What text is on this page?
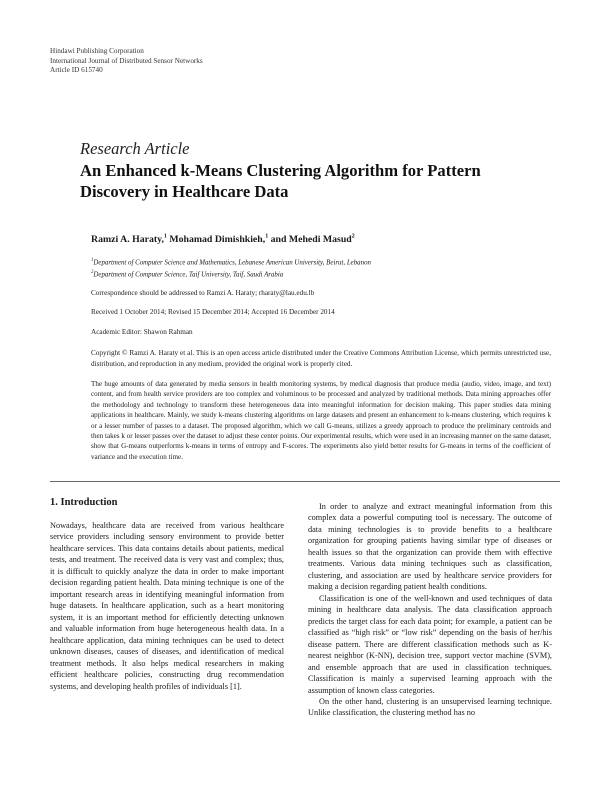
Hindawi Publishing Corporation
International Journal of Distributed Sensor Networks
Article ID 615740
Research Article
An Enhanced k-Means Clustering Algorithm for Pattern
Discovery in Healthcare Data
Ramzi A. Haraty,$^1$ Mohamad Dimishkieh,$^1$ and Mehedi Masud$^2$
$^1$Department of Computer Science and Mathematics, Lebanese American University, Beirut, Lebanon
$^2$Department of Computer Science, Taif University, Taif, Saudi Arabia
Correspondence should be addressed to Ramzi A. Haraty; rharaty@lau.edu.lb
Received 1 October 2014; Revised 15 December 2014; Accepted 16 December 2014
Academic Editor: Shawon Rahman
Copyright © Ramzi A. Haraty et al. This is an open access article distributed under the Creative Commons Attribution License, which permits unrestricted use, distribution, and reproduction in any medium, provided the original work is properly cited.
The huge amounts of data generated by media sensors in health monitoring systems, by medical diagnosis that produce media (audio, video, image, and text) content, and from health service providers are too complex and voluminous to be processed and analyzed by traditional methods. Data mining approaches offer the methodology and technology to transform these heterogeneous data into meaningful information for decision making. This paper studies data mining applications in healthcare. Mainly, we study k-means clustering algorithms on large datasets and present an enhancement to k-means clustering, which requires k or a lesser number of passes to a dataset. The proposed algorithm, which we call G-means, utilizes a greedy approach to produce the preliminary centroids and then takes k or lesser passes over the dataset to adjust these center points. Our experimental results, which were used in an increasing manner on the same dataset, show that G-means outperforms k-means in terms of entropy and F-scores. The experiments also yield better results for G-means in terms of the coefficient of variance and the execution time.
1. Introduction

Nowadays, healthcare data are received from various healthcare service providers including sensory environment to provide better healthcare services. This data contains details about patients, medical tests, and treatment. The received data is very vast and complex; thus, it is difficult to quickly analyze the data in order to make important decision regarding patient health. Data mining technique is one of the important research areas in identifying meaningful information from huge datasets. In healthcare application, such as a heart monitoring system, it is an important method for efficiently detecting unknown and valuable information from huge heterogeneous health data. In a healthcare application, data mining techniques can be used to detect unknown diseases, causes of diseases, and identification of medical treatment methods. It also helps medical researchers in making efficient healthcare policies, constructing drug recommendation systems, and developing health profiles of individuals [1].

In order to analyze and extract meaningful information from this complex data a powerful computing tool is necessary. The outcome of data mining technologies is to provide benefits to a healthcare organization for grouping patients having similar type of diseases or health issues so that the organization can provide them with effective treatments. Various data mining techniques such as classification, clustering, and association are used by healthcare service providers for making a decision regarding patient health conditions.

Classification is one of the well-known and used techniques of data mining in healthcare data analysis. The data classification approach predicts the target class for each data point; for example, a patient can be classified as “high risk” or “low risk” depending on the basis of her/his disease pattern. There are different classification methods such as K-nearest neighbor (K-NN), decision tree, support vector machine (SVM), and ensemble approach that are used in classification techniques. Classification is mainly a supervised learning approach with the assumption of known class categories.

On the other hand, clustering is an unsupervised learning technique. Unlike classification, the clustering method has no
